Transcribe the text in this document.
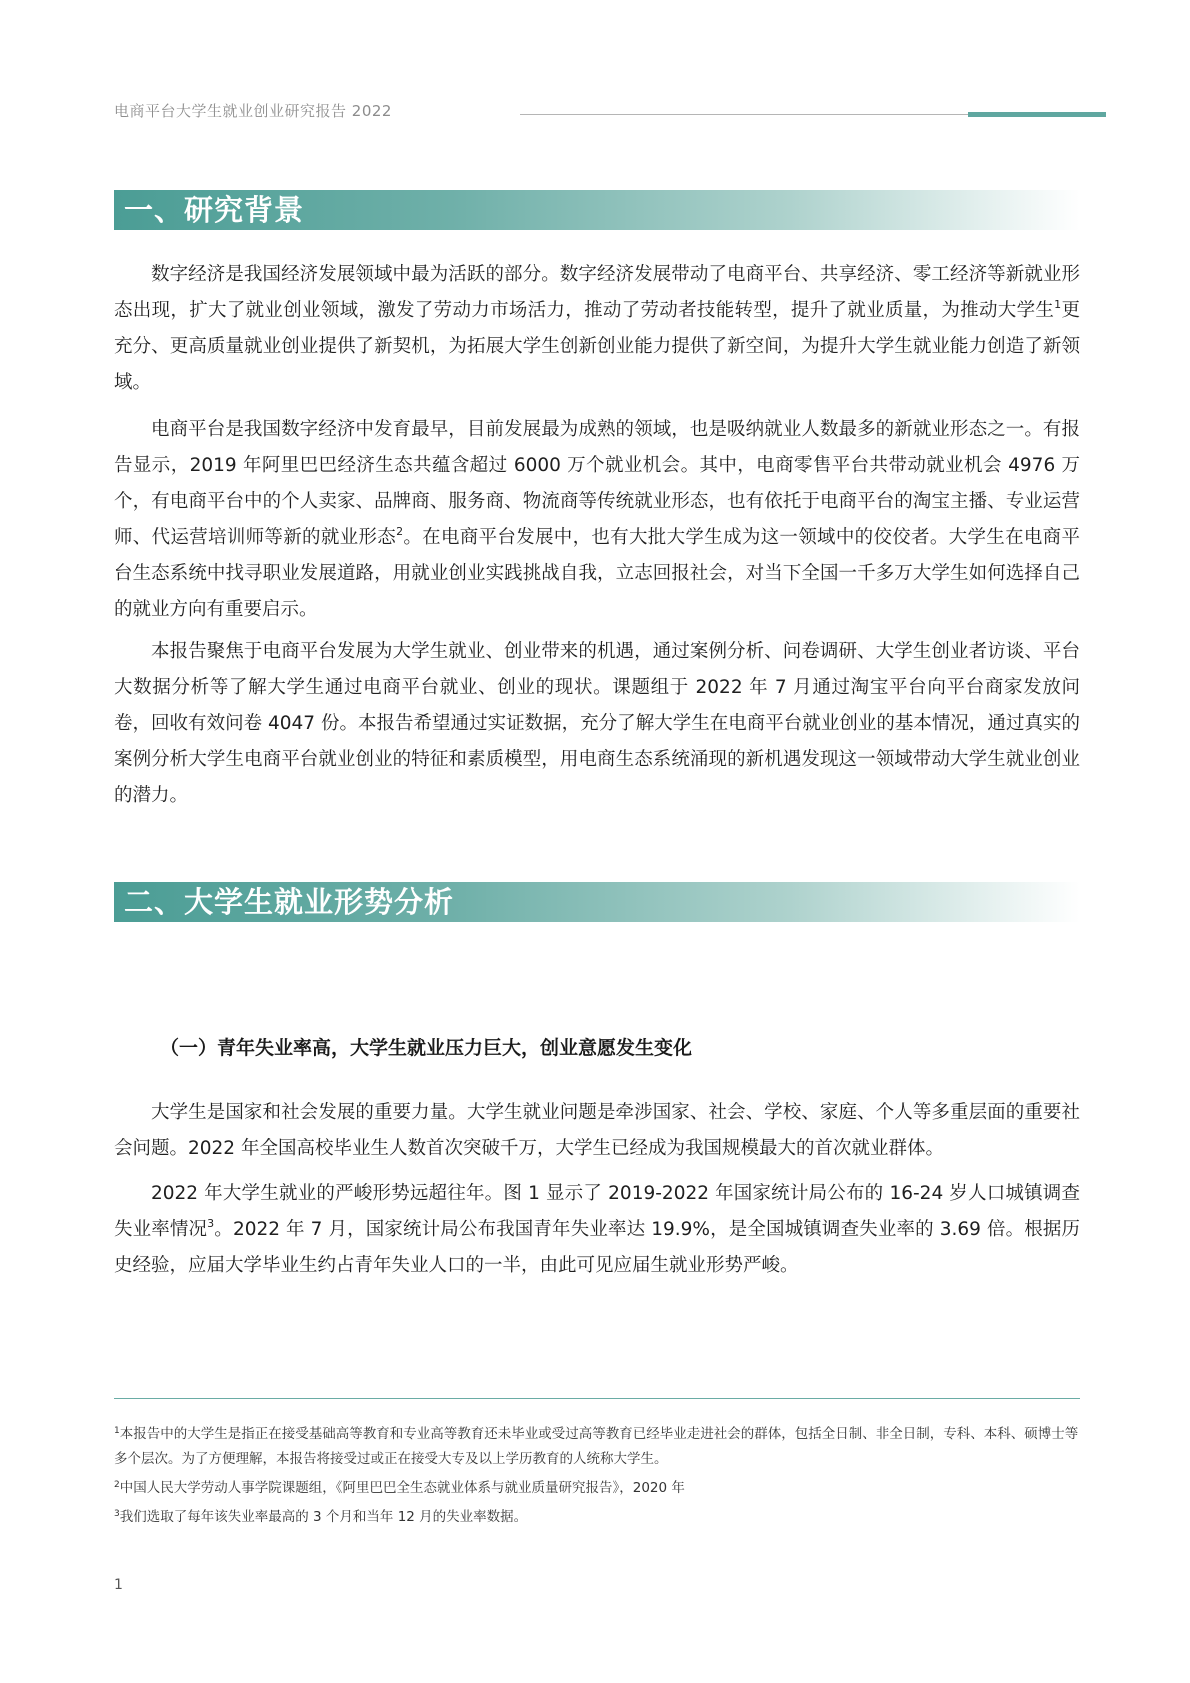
电商平台大学生就业创业研究报告 2022
一、研究背景

数字经济是我国经济发展领域中最为活跃的部分。数字经济发展带动了电商平台、共享经济、零工经济等新就业形态出现，扩大了就业创业领域，激发了劳动力市场活力，推动了劳动者技能转型，提升了就业质量，为推动大学生$^1$更充分、更高质量就业创业提供了新契机，为拓展大学生创新创业能力提供了新空间，为提升大学生就业能力创造了新领域。

电商平台是我国数字经济中发育最早，目前发展最为成熟的领域，也是吸纳就业人数最多的新就业形态之一。有报告显示，2019 年阿里巴巴经济生态共蕴含超过 6000 万个就业机会。其中，电商零售平台共带动就业机会 4976 万个，有电商平台中的个人卖家、品牌商、服务商、物流商等传统就业形态，也有依托于电商平台的淘宝主播、专业运营师、代运营培训师等新的就业形态$^2$。在电商平台发展中，也有大批大学生成为这一领域中的佼佼者。大学生在电商平台生态系统中找寻职业发展道路，用就业创业实践挑战自我，立志回报社会，对当下全国一千多万大学生如何选择自己的就业方向有重要启示。

本报告聚焦于电商平台发展为大学生就业、创业带来的机遇，通过案例分析、问卷调研、大学生创业者访谈、平台大数据分析等了解大学生通过电商平台就业、创业的现状。课题组于 2022 年 7 月通过淘宝平台向平台商家发放问卷，回收有效问卷 4047 份。本报告希望通过实证数据，充分了解大学生在电商平台就业创业的基本情况，通过真实的案例分析大学生电商平台就业创业的特征和素质模型，用电商生态系统涌现的新机遇发现这一领域带动大学生就业创业的潜力。

二、大学生就业形势分析
（一）青年失业率高，大学生就业压力巨大，创业意愿发生变化

大学生是国家和社会发展的重要力量。大学生就业问题是牵涉国家、社会、学校、家庭、个人等多重层面的重要社会问题。2022 年全国高校毕业生人数首次突破千万，大学生已经成为我国规模最大的首次就业群体。

2022 年大学生就业的严峻形势远超往年。图 1 显示了 2019-2022 年国家统计局公布的 16-24 岁人口城镇调查失业率情况$^3$。2022 年 7 月，国家统计局公布我国青年失业率达 19.9%，是全国城镇调查失业率的 3.69 倍。根据历史经验，应届大学毕业生约占青年失业人口的一半，由此可见应届生就业形势严峻。

$^1$本报告中的大学生是指正在接受基础高等教育和专业高等教育还未毕业或受过高等教育已经毕业走进社会的群体，包括全日制、非全日制，专科、本科、硕博士等多个层次。为了方便理解，本报告将接受过或正在接受大专及以上学历教育的人统称大学生。

$^2$中国人民大学劳动人事学院课题组，《阿里巴巴全生态就业体系与就业质量研究报告》，2020 年

$^3$我们选取了每年该失业率最高的 3 个月和当年 12 月的失业率数据。

1
